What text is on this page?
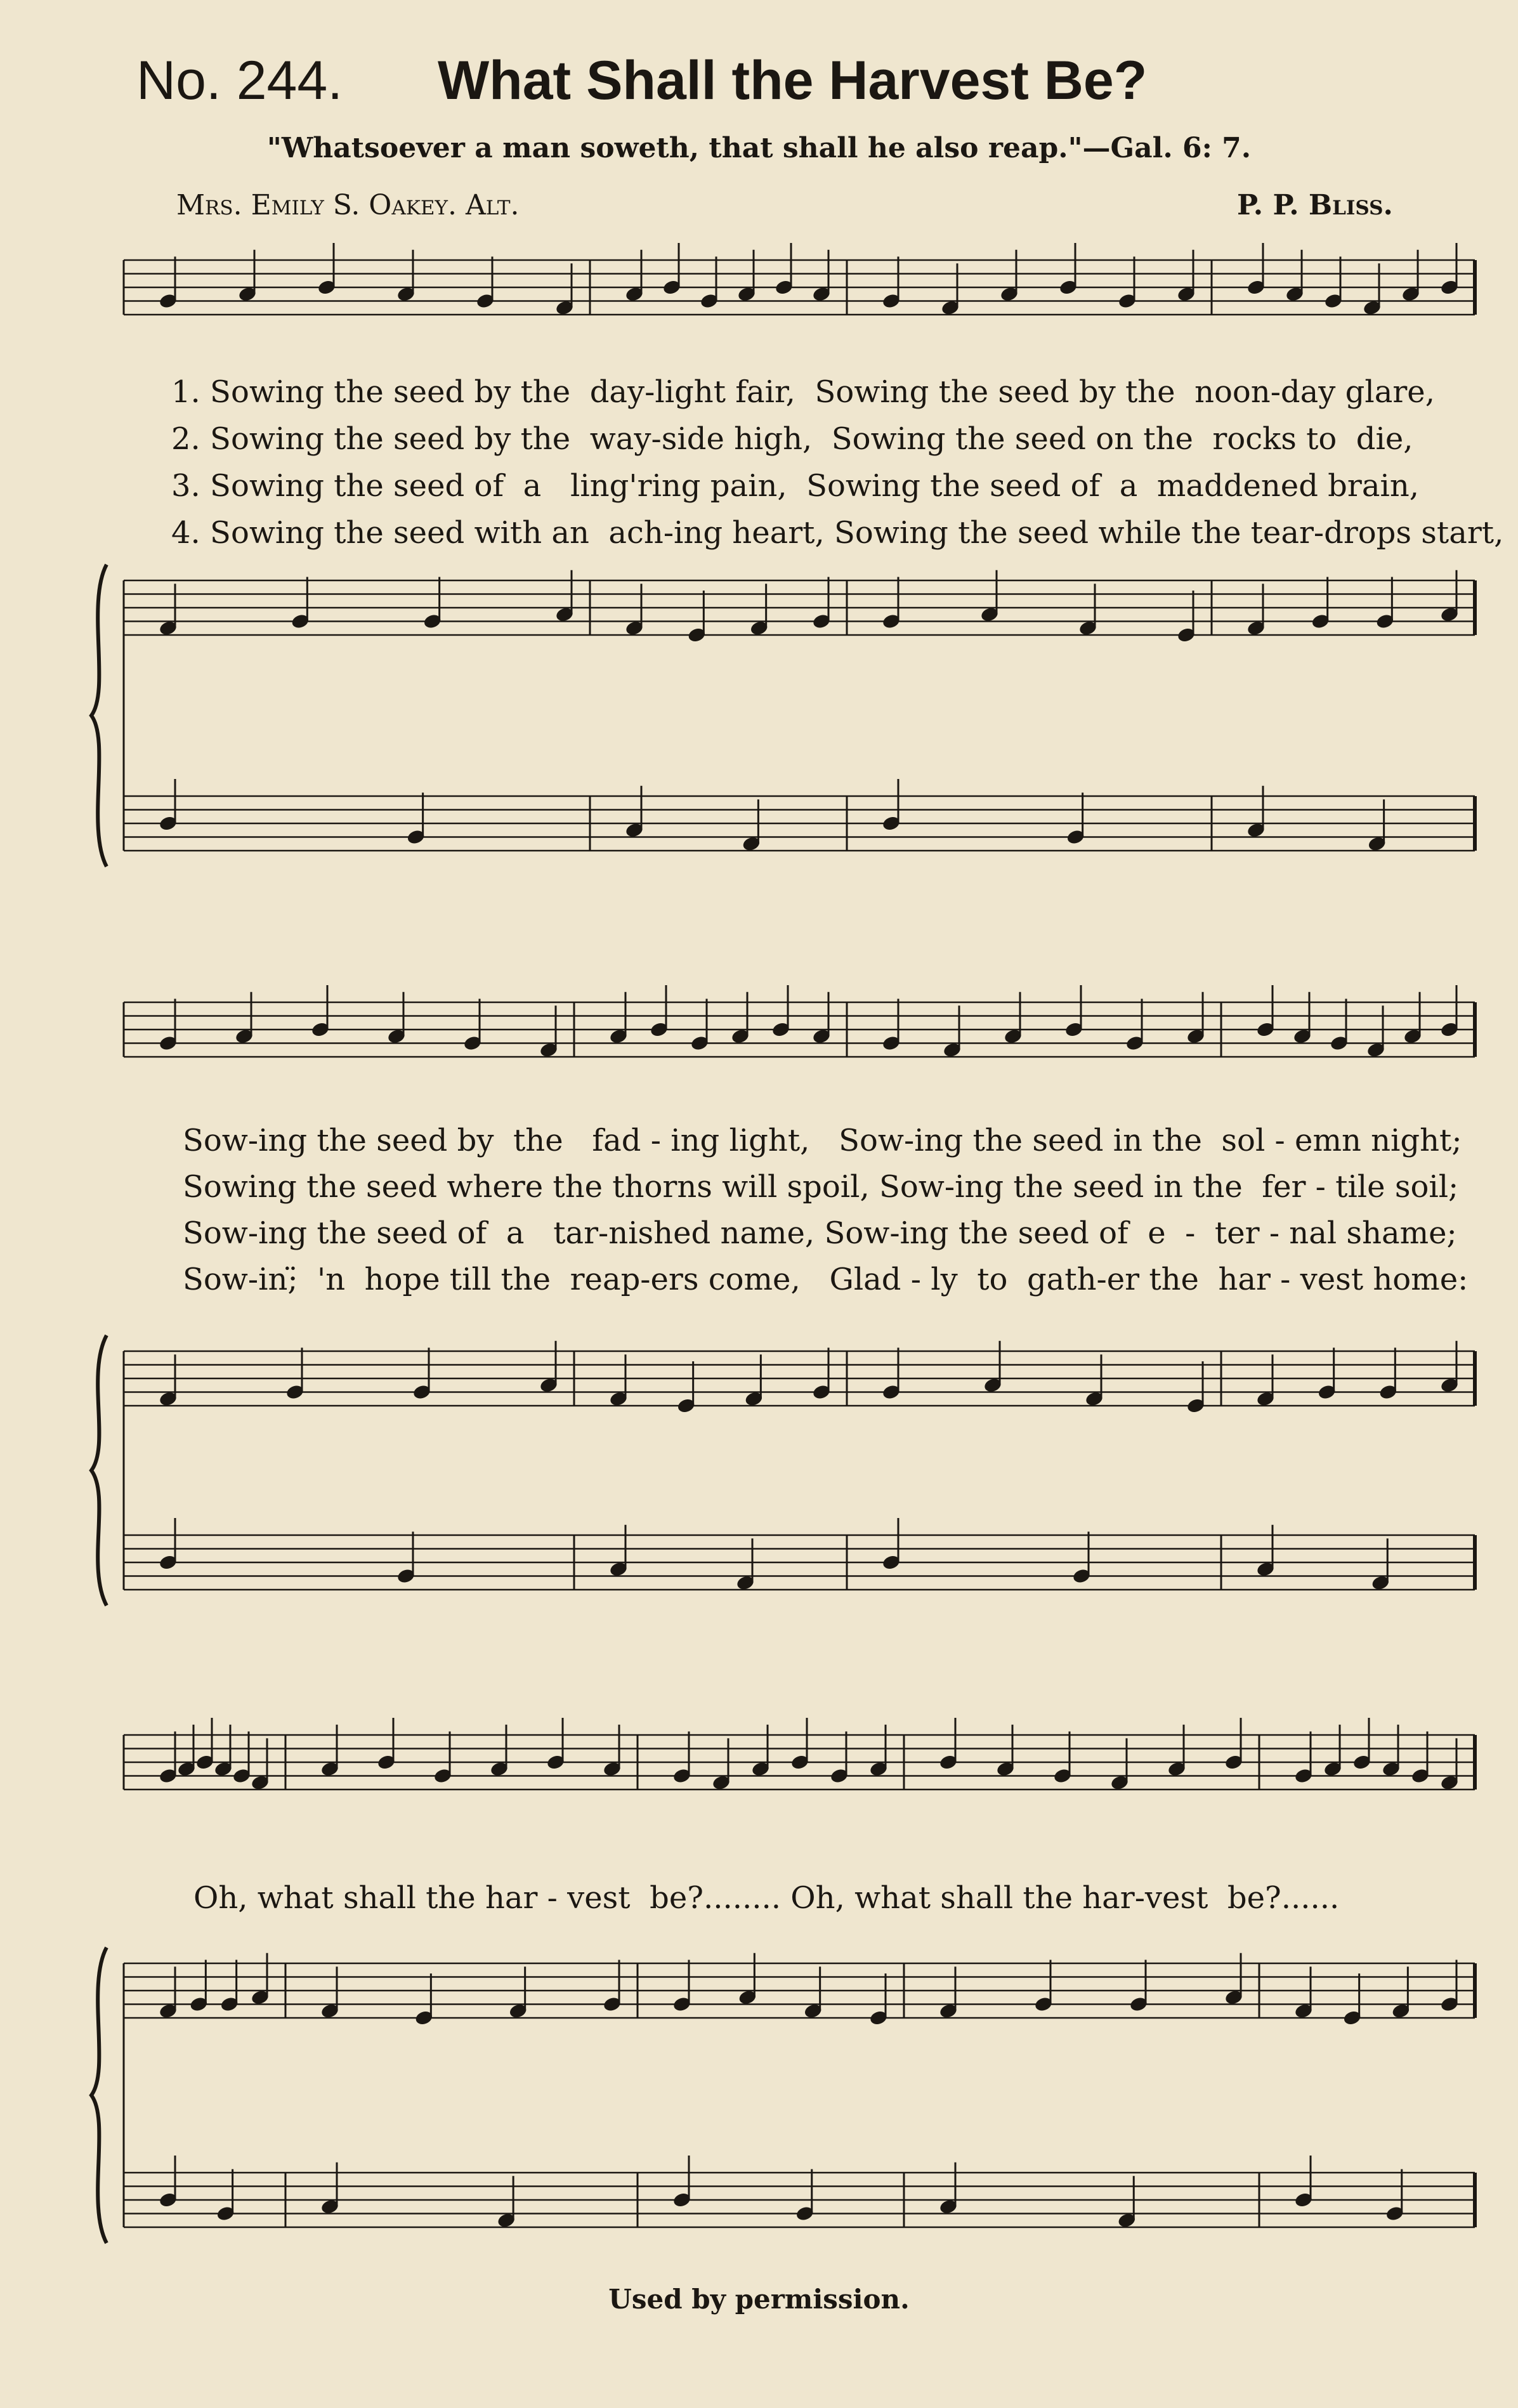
No. 244. What Shall the Harvest Be?
"Whatsoever a man soweth, that shall he also reap."—Gal. 6: 7.
Mrs. Emily S. Oakey. Alt.	P. P. Bliss.
1. Sowing the seed by the  day-light fair,  Sowing the seed by the  noon-day glare,
2. Sowing the seed by the  way-side high,  Sowing the seed on the  rocks to  die,
3. Sowing the seed of  a   ling'ring pain,  Sowing the seed of  a  maddened brain,
4. Sowing the seed with an  ach-ing heart, Sowing the seed while the tear-drops start,
Sow-ing the seed by  the   fad - ing light,   Sow-ing the seed in the  sol - emn night;
Sowing the seed where the thorns will spoil, Sow-ing the seed in the  fer - tile soil;
Sow-ing the seed of  a   tar-nished name, Sow-ing the seed of  e  -  ter - nal shame;
Sow-in;̈  'n  hope till the  reap-ers come,   Glad - ly  to  gath-er the  har - vest home:
Oh, what shall the har - vest  be?........ Oh, what shall the har-vest  be?......
Used by permission.
